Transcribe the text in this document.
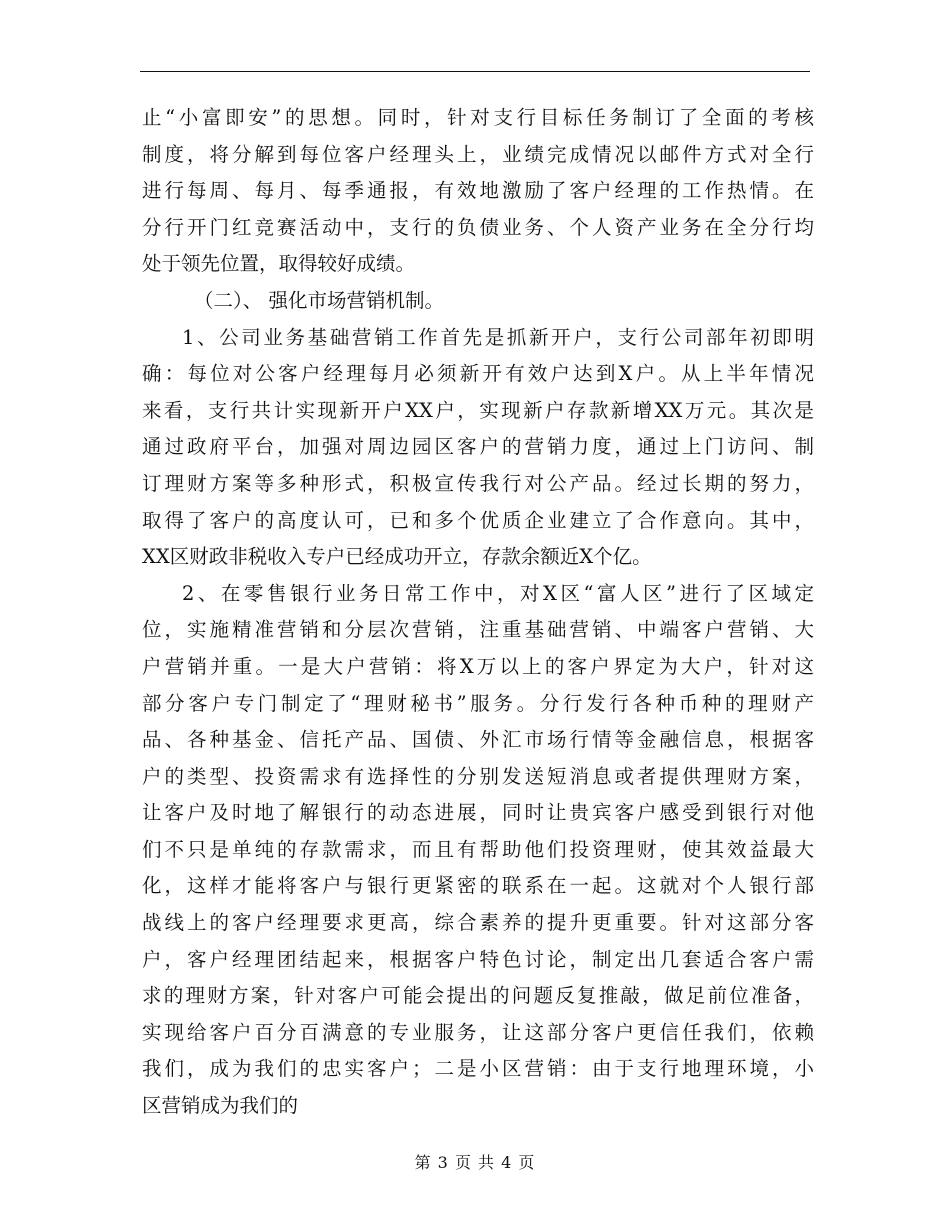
止“小富即安”的思想。同时，针对支行目标任务制订了全面的考核
制度，将分解到每位客户经理头上，业绩完成情况以邮件方式对全行
进行每周、每月、每季通报，有效地激励了客户经理的工作热情。在
分行开门红竞赛活动中，支行的负债业务、个人资产业务在全分行均
处于领先位置，取得较好成绩。
（二）、 强化市场营销机制。
1、公司业务基础营销工作首先是抓新开户，支行公司部年初即明
确：每位对公客户经理每月必须新开有效户达到X户。从上半年情况
来看，支行共计实现新开户XX户，实现新户存款新增XX万元。其次是
通过政府平台，加强对周边园区客户的营销力度，通过上门访问、制
订理财方案等多种形式，积极宣传我行对公产品。经过长期的努力，
取得了客户的高度认可，已和多个优质企业建立了合作意向。其中，
XX区财政非税收入专户已经成功开立，存款余额近X个亿。
2、在零售银行业务日常工作中，对X区“富人区”进行了区域定
位，实施精准营销和分层次营销，注重基础营销、中端客户营销、大
户营销并重。一是大户营销：将X万以上的客户界定为大户，针对这
部分客户专门制定了“理财秘书”服务。分行发行各种币种的理财产
品、各种基金、信托产品、国债、外汇市场行情等金融信息，根据客
户的类型、投资需求有选择性的分别发送短消息或者提供理财方案，
让客户及时地了解银行的动态进展，同时让贵宾客户感受到银行对他
们不只是单纯的存款需求，而且有帮助他们投资理财，使其效益最大
化，这样才能将客户与银行更紧密的联系在一起。这就对个人银行部
战线上的客户经理要求更高，综合素养的提升更重要。针对这部分客
户，客户经理团结起来，根据客户特色讨论，制定出几套适合客户需
求的理财方案，针对客户可能会提出的问题反复推敲，做足前位准备，
实现给客户百分百满意的专业服务，让这部分客户更信任我们，依赖
我们，成为我们的忠实客户；二是小区营销：由于支行地理环境，小
区营销成为我们的
第 3 页 共 4 页
